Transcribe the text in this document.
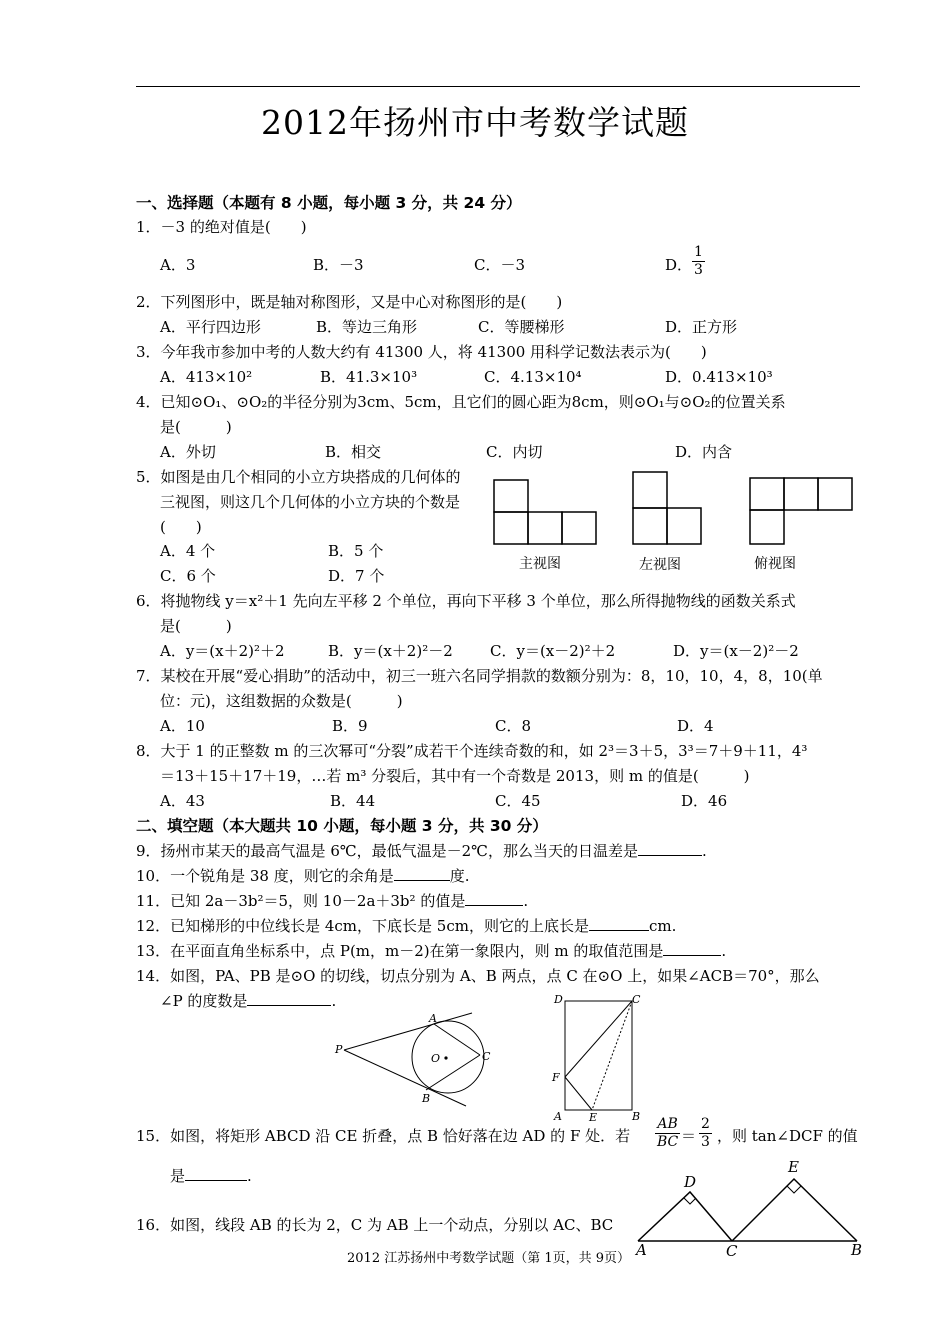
2012年扬州市中考数学试题
一、选择题（本题有 8 小题，每小题 3 分，共 24 分）
1．－3 的绝对值是(　　)
A．3	B．－3	C．－3	D． $\frac{1}{3}$
2．下列图形中，既是轴对称图形，又是中心对称图形的是(　　)
A．平行四边形	B．等边三角形	C．等腰梯形	D．正方形
3．今年我市参加中考的人数大约有 41300 人，将 41300 用科学记数法表示为(　　)
A．413×10²	B．41.3×10³	C．4.13×10⁴	D．0.413×10³
4．已知⊙O₁、⊙O₂的半径分别为3cm、5cm，且它们的圆心距为8cm，则⊙O₁与⊙O₂的位置关系
是(　　　)
A．外切	B．相交	C．内切	D．内含
5．如图是由几个相同的小立方块搭成的几何体的
三视图，则这几个几何体的小立方块的个数是
(　　)
A．4 个	B．5 个
C．6 个	D．7 个
主视图	左视图	俯视图
6．将抛物线 y＝x²＋1 先向左平移 2 个单位，再向下平移 3 个单位，那么所得抛物线的函数关系式
是(　　　)
A．y＝(x＋2)²＋2	B．y＝(x＋2)²－2 C．y＝(x－2)²＋2	D．y＝(x－2)²－2
7．某校在开展“爱心捐助”的活动中，初三一班六名同学捐款的数额分别为：8，10，10，4，8，10(单
位：元)，这组数据的众数是(　　　)
A．10	B．9	C．8	D．4
8．大于 1 的正整数 m 的三次幂可“分裂”成若干个连续奇数的和，如 2³＝3＋5，3³＝7＋9＋11，4³
＝13＋15＋17＋19，…若 m³ 分裂后，其中有一个奇数是 2013，则 m 的值是(　　　)
A．43	B．44	C．45	D．46
二、填空题（本大题共 10 小题，每小题 3 分，共 30 分）
9．扬州市某天的最高气温是 6℃，最低气温是－2℃，那么当天的日温差是	.
10．一个锐角是 38 度，则它的余角是	度.
11．已知 2a－3b²＝5，则 10－2a＋3b² 的值是	.
12．已知梯形的中位线长是 4cm，下底长是 5cm，则它的上底长是	cm.
13．在平面直角坐标系中，点 P(m，m－2)在第一象限内，则 m 的取值范围是	.
14．如图，PA、PB 是⊙O 的切线，切点分别为 A、B 两点，点 C 在⊙O 上，如果∠ACB＝70°，那么
∠P 的度数是	.
P
A
B
C
O
D	C
F
A E	B
15．如图，将矩形 ABCD 沿 CE 折叠，点 B 恰好落在边 AD 的 F 处．若 $\frac{AB}{BC} = \frac{2}{3}$ ，则 tan∠DCF 的值
是	.
16．如图，线段 AB 的长为 2，C 为 AB 上一个动点，分别以 AC、BC
D
E
A	C	B
2012 江苏扬州中考数学试题（第 1页，共 9页）
